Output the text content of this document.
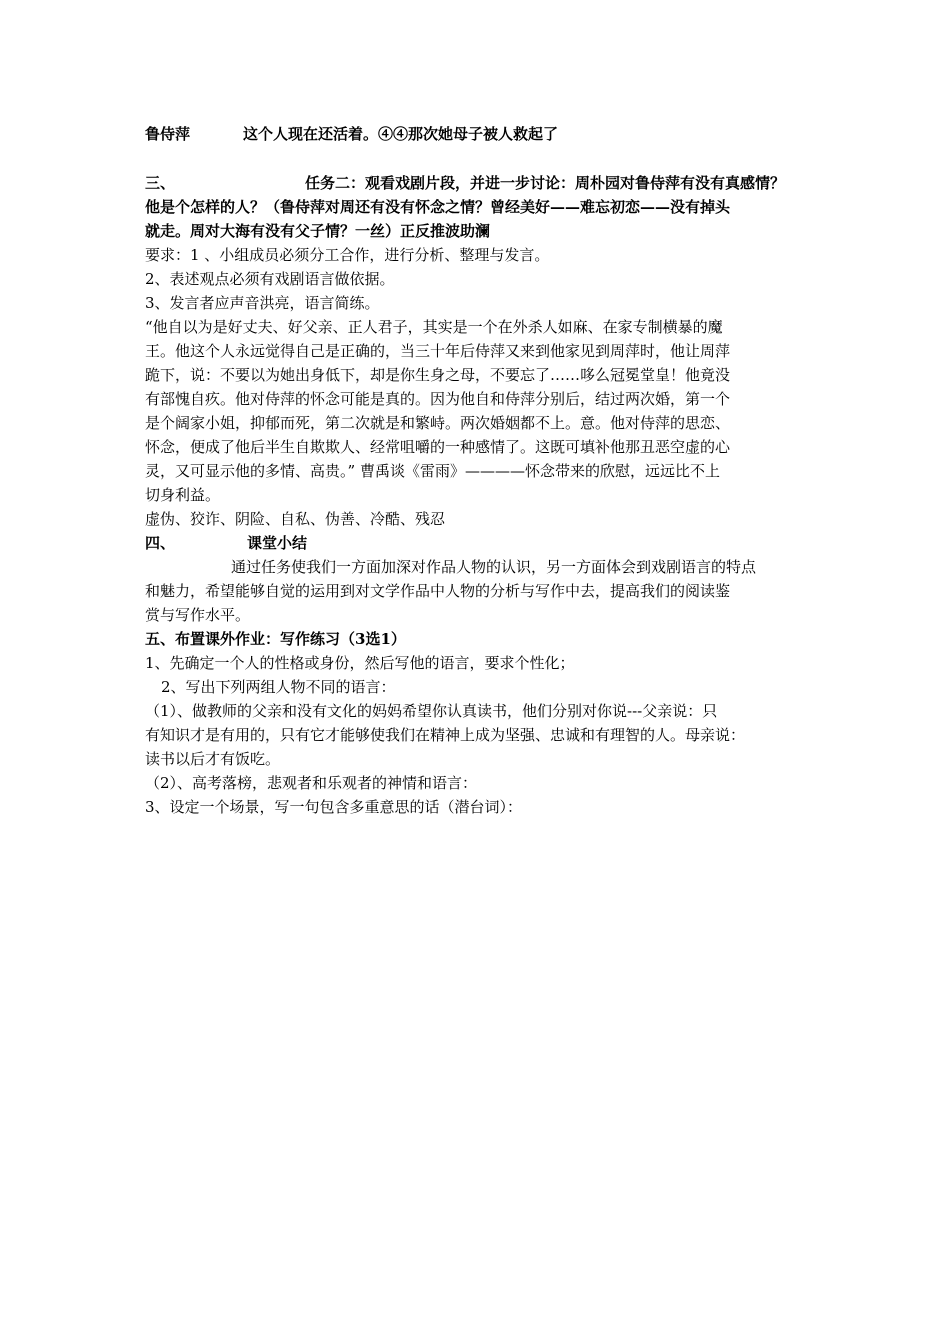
鲁侍萍	这个人现在还活着。④④那次她母子被人救起了

三、	任务二：观看戏剧片段，并进一步讨论：周朴园对鲁侍萍有没有真感情？

他是个怎样的人？（鲁侍萍对周还有没有怀念之情？曾经美好——难忘初恋——没有掉头

就走。周对大海有没有父子情？一丝）正反推波助澜

要求：1 、小组成员必须分工合作，进行分析、整理与发言。

2、表述观点必须有戏剧语言做依据。

3、发言者应声音洪亮，语言简练。

“他自以为是好丈夫、好父亲、正人君子，其实是一个在外杀人如麻、在家专制横暴的魔

王。他这个人永远觉得自己是正确的，当三十年后侍萍又来到他家见到周萍时，他让周萍

跪下，说：不要以为她出身低下，却是你生身之母，不要忘了……哆么冠冕堂皇！他竟没

有部愧自疚。他对侍萍的怀念可能是真的。因为他自和侍萍分别后，结过两次婚，第一个

是个阔家小姐，抑郁而死，第二次就是和繁峙。两次婚姻都不上。意。他对侍萍的思恋、

怀念，便成了他后半生自欺欺人、经常咀嚼的一种感情了。这既可填补他那丑恶空虚的心

灵，又可显示他的多情、高贵。” 曹禹谈《雷雨》————怀念带来的欣慰，远远比不上

切身利益。

虚伪、狡诈、阴险、自私、伪善、冷酷、残忍

四、	课堂小结

通过任务使我们一方面加深对作品人物的认识，另一方面体会到戏剧语言的特点

和魅力，希望能够自觉的运用到对文学作品中人物的分析与写作中去，提高我们的阅读鉴

赏与写作水平。

五、布置课外作业：写作练习（3选1）

1、先确定一个人的性格或身份，然后写他的语言，要求个性化；

2、写出下列两组人物不同的语言：

（1）、做教师的父亲和没有文化的妈妈希望你认真读书，他们分别对你说---父亲说：只

有知识才是有用的，只有它才能够使我们在精神上成为坚强、忠诚和有理智的人。母亲说：

读书以后才有饭吃。

（2）、高考落榜，悲观者和乐观者的神情和语言：

3、设定一个场景，写一句包含多重意思的话（潜台词）：
